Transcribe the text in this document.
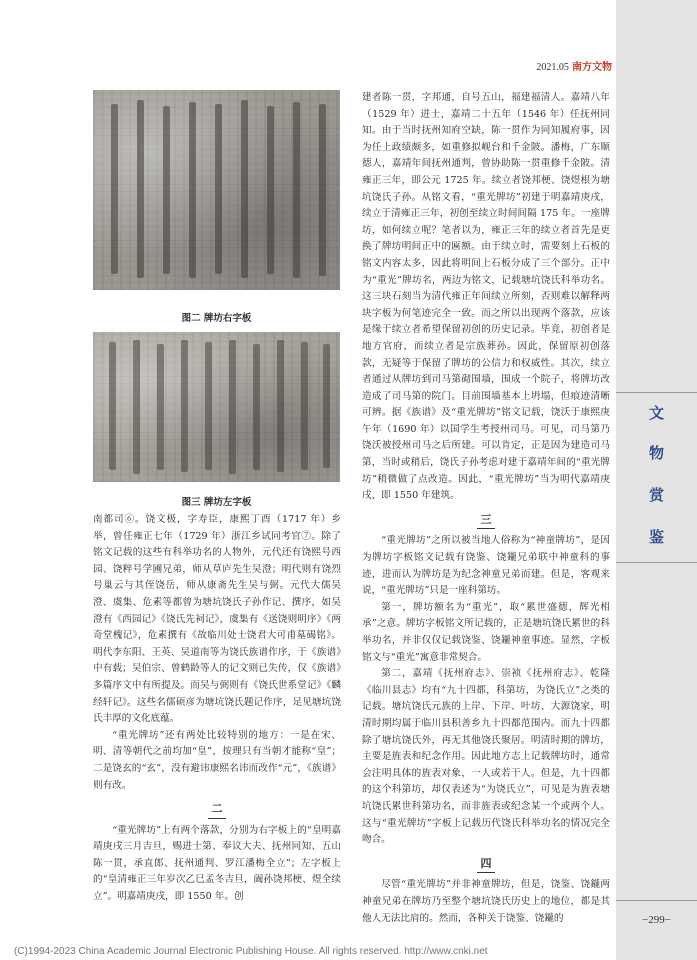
文
物
赏
鉴
−299−
2021.05 南方文物
图二 牌坊右字板
图三 牌坊左字板

南都司⑥。饶文极，字寿臣，康熙丁酉（1717 年）乡举，曾任雍正七年（1729 年）浙江乡试同考官⑦。除了铭文记载的这些有科举功名的人物外，元代还有饶熙号西园、饶粹号学圃兄弟，师从草庐先生吴澄；明代则有饶烈号巢云与其侄饶岳，师从康斋先生吴与弼。元代大儒吴澄、虞集、危素等都曾为塘坑饶氏子孙作记、撰序，如吴澄有《西园记》《饶氏先祠记》，虞集有《送饶则明序》《两奇堂槐记》，危素撰有《故临川处士饶君大可甫墓碣铭》。明代李东阳、王英、吴道南等为饶氏族谱作序，于《族谱》中有载；吴伯宗、曾鹤龄等人的记文则已失传，仅《族谱》多篇序文中有所提及。而吴与弼则有《饶氏世系堂记》《麟经轩记》。这些名儒硕彦为塘坑饶氏题记作序，足见塘坑饶氏丰厚的文化底蕴。

“重光牌坊”还有两处比较特别的地方：一是在宋、明、清等朝代之前均加“皇”，按理只有当朝才能称“皇”；二是饶玄的“玄”，没有避讳康熙名讳而改作“元”，《族谱》则有改。

二

“重光牌坊”上有两个落款，分别为右字板上的“皇明嘉靖庚戌三月吉旦，赐进士第、奉议大夫、抚州同知、五山陈一贯，承直郎、抚州通判、罗江潘梅全立”；左字板上的“皇清雍正三年岁次乙巳孟冬吉旦，阖孙饶邦梗、煜全续立”。明嘉靖庚戌，即 1550 年。创

建者陈一贯，字邦通，自号五山，福建福清人。嘉靖八年（1529 年）进士，嘉靖二十五年（1546 年）任抚州同知。由于当时抚州知府空缺，陈一贯作为同知履府事，因为任上政绩颇多，如重修拟岘台和千金陂。潘梅，广东顺德人，嘉靖年间抚州通判，曾协助陈一贯重修千金陂。清雍正三年，即公元 1725 年。续立者饶邦梗、饶煜根为塘坑饶氏子孙。从铭文看，“重光牌坊”初建于明嘉靖庚戌，续立于清雍正三年，初创至续立时间间隔 175 年。一座牌坊，如何续立呢？笔者以为，雍正三年的续立者首先是更换了牌坊明间正中的匾额。由于续立时，需要刻上石板的铭文内容太多，因此将明间上石板分成了三个部分。正中为“重光”牌坊名，两边为铭文，记载塘坑饶氏科举功名。这三块石刻当为清代雍正年间续立所刻，否则难以解释两块字板为何笔迹完全一致。而之所以出现两个落款，应该是缘于续立者希望保留初创的历史记录。毕竟，初创者是地方官府，而续立者是宗族葬孙。因此，保留原初创落款，无疑等于保留了牌坊的公信力和权威性。其次，续立者通过从牌坊到司马第砌围墙，围成一个院子，将牌坊改造成了司马第的院门。目前围墙基本上坍塌，但痕迹清晰可辨。据《族谱》及“重光牌坊”铭文记载，饶沃于康熙庚午年（1690 年）以国学生考授州司马。可见，司马第乃饶沃被授州司马之后所建。可以肯定，正是因为建造司马第，当时或稍后，饶氏子孙考虑对建于嘉靖年间的“重光牌坊”稍微做了点改造。因此，“重光牌坊”当为明代嘉靖庚戌，即 1550 年建筑。

三

“重光牌坊”之所以被当地人俗称为“神童牌坊”，是因为牌坊字板铭文记载有饶鉴、饶鑨兄弟联中神童科的事迹，进而认为牌坊是为纪念神童兄弟而建。但是，客观来说，“重光牌坊”只是一座科第坊。

第一，牌坊额名为“重光”，取“累世盛德，辉光相承”之意。牌坊字板铭文所记载的，正是塘坑饶氏累世的科举功名，并非仅仅记载饶鉴、饶鑨神童事迹。显然，字板铭文与“重光”寓意非常契合。

第二，嘉靖《抚州府志》、崇祯《抚州府志》、乾隆《临川县志》均有“九十四都，科第坊，为饶氏立”之类的记载。塘坑饶氏元族的上岸、下岸、叶坊、大源饶家，明清时期均属于临川县积善乡九十四都范围内。而九十四都除了塘坑饶氏外，再无其他饶氏聚居。明清时期的牌坊，主要是旌表和纪念作用。因此地方志上记载牌坊时，通常会注明具体的旌表对象，一人或若干人。但是，九十四都的这个科第坊，却仅表述为“为饶氏立”，可见是为旌表塘坑饶氏累世科第功名，而非旌表或纪念某一个或两个人。这与“重光牌坊”字板上记载历代饶氏科举功名的情况完全吻合。

四

尽管“重光牌坊”并非神童牌坊，但是，饶鉴、饶鑨两神童兄弟在牌坊乃至整个塘坑饶氏历史上的地位，都是其他人无法比肩的。然而，各种关于饶鉴、饶鑨的

(C)1994-2023 China Academic Journal Electronic Publishing House. All rights reserved. http://www.cnki.net
